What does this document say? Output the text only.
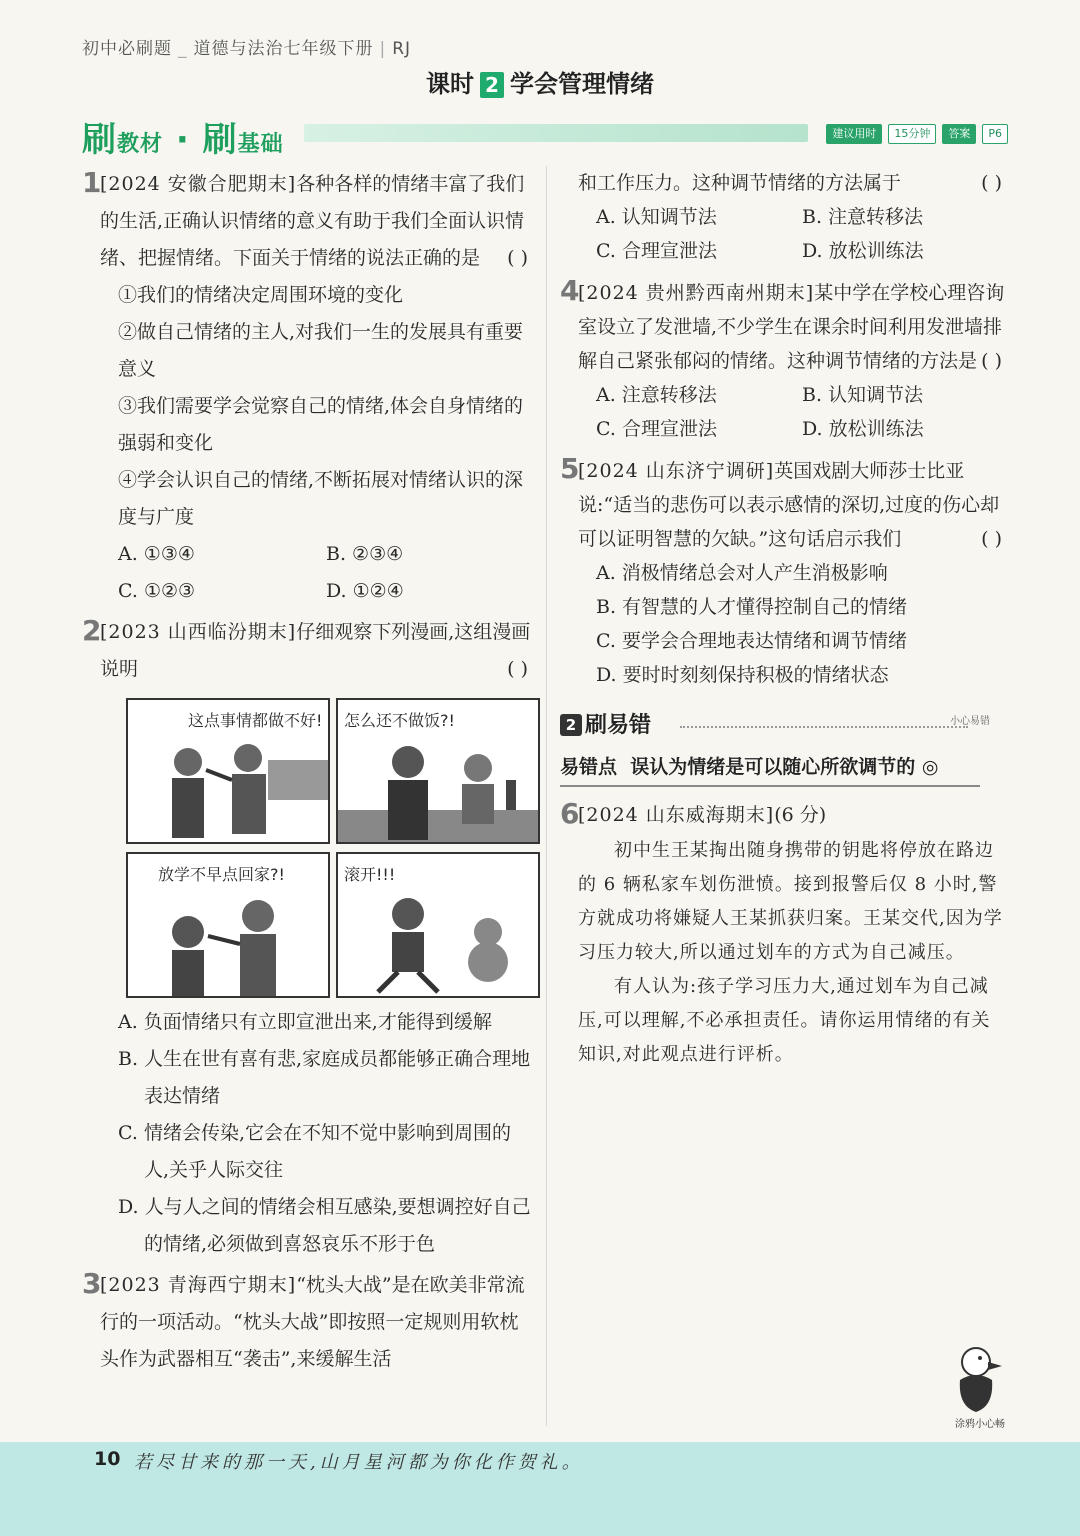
初中必刷题 _ 道德与法治七年级下册 | RJ
课时 2 学会管理情绪
刷教材 · 刷基础	建议用时	15分钟	答案	P6
1
[2024 安徽合肥期末]各种各样的情绪丰富了我们的生活,正确认识情绪的意义有助于我们全面认识情绪、把握情绪。下面关于情绪的说法正确的是 ( )
①我们的情绪决定周围环境的变化
②做自己情绪的主人,对我们一生的发展具有重要意义
③我们需要学会觉察自己的情绪,体会自身情绪的强弱和变化
④学会认识自己的情绪,不断拓展对情绪认识的深度与广度
A. ①③④	B. ②③④
C. ①②③	D. ①②④
2
[2023 山西临汾期末]仔细观察下列漫画,这组漫画说明	( )
这点事情都做不好! 怎么还不做饭?!
放学不早点回家?!	滚开!!!
A. 负面情绪只有立即宣泄出来,才能得到缓解
B. 人生在世有喜有悲,家庭成员都能够正确合理地表达情绪
C. 情绪会传染,它会在不知不觉中影响到周围的人,关乎人际交往
D. 人与人之间的情绪会相互感染,要想调控好自己的情绪,必须做到喜怒哀乐不形于色
3
[2023 青海西宁期末]“枕头大战”是在欧美非常流行的一项活动。“枕头大战”即按照一定规则用软枕头作为武器相互“袭击”,来缓解生活
和工作压力。这种调节情绪的方法属于	( )
A. 认知调节法	B. 注意转移法
C. 合理宣泄法	D. 放松训练法
4
[2024 贵州黔西南州期末]某中学在学校心理咨询室设立了发泄墙,不少学生在课余时间利用发泄墙排解自己紧张郁闷的情绪。这种调节情绪的方法是 ( )
A. 注意转移法	B. 认知调节法
C. 合理宣泄法	D. 放松训练法
5
[2024 山东济宁调研]英国戏剧大师莎士比亚说:“适当的悲伤可以表示感情的深切,过度的伤心却可以证明智慧的欠缺。”这句话启示我们	( )
A. 消极情绪总会对人产生消极影响
B. 有智慧的人才懂得控制自己的情绪
C. 要学会合理地表达情绪和调节情绪
D. 要时时刻刻保持积极的情绪状态
2 刷易错	小心易错
易错点 误认为情绪是可以随心所欲调节的 ◎
6
[2024 山东威海期末](6 分)
初中生王某掏出随身携带的钥匙将停放在路边的 6 辆私家车划伤泄愤。接到报警后仅 8 小时,警方就成功将嫌疑人王某抓获归案。王某交代,因为学习压力较大,所以通过划车的方式为自己减压。
有人认为:孩子学习压力大,通过划车为自己减压,可以理解,不必承担责任。请你运用情绪的有关知识,对此观点进行评析。
涂鸦小心畅
10 若尽甘来的那一天,山月星河都为你化作贺礼。
